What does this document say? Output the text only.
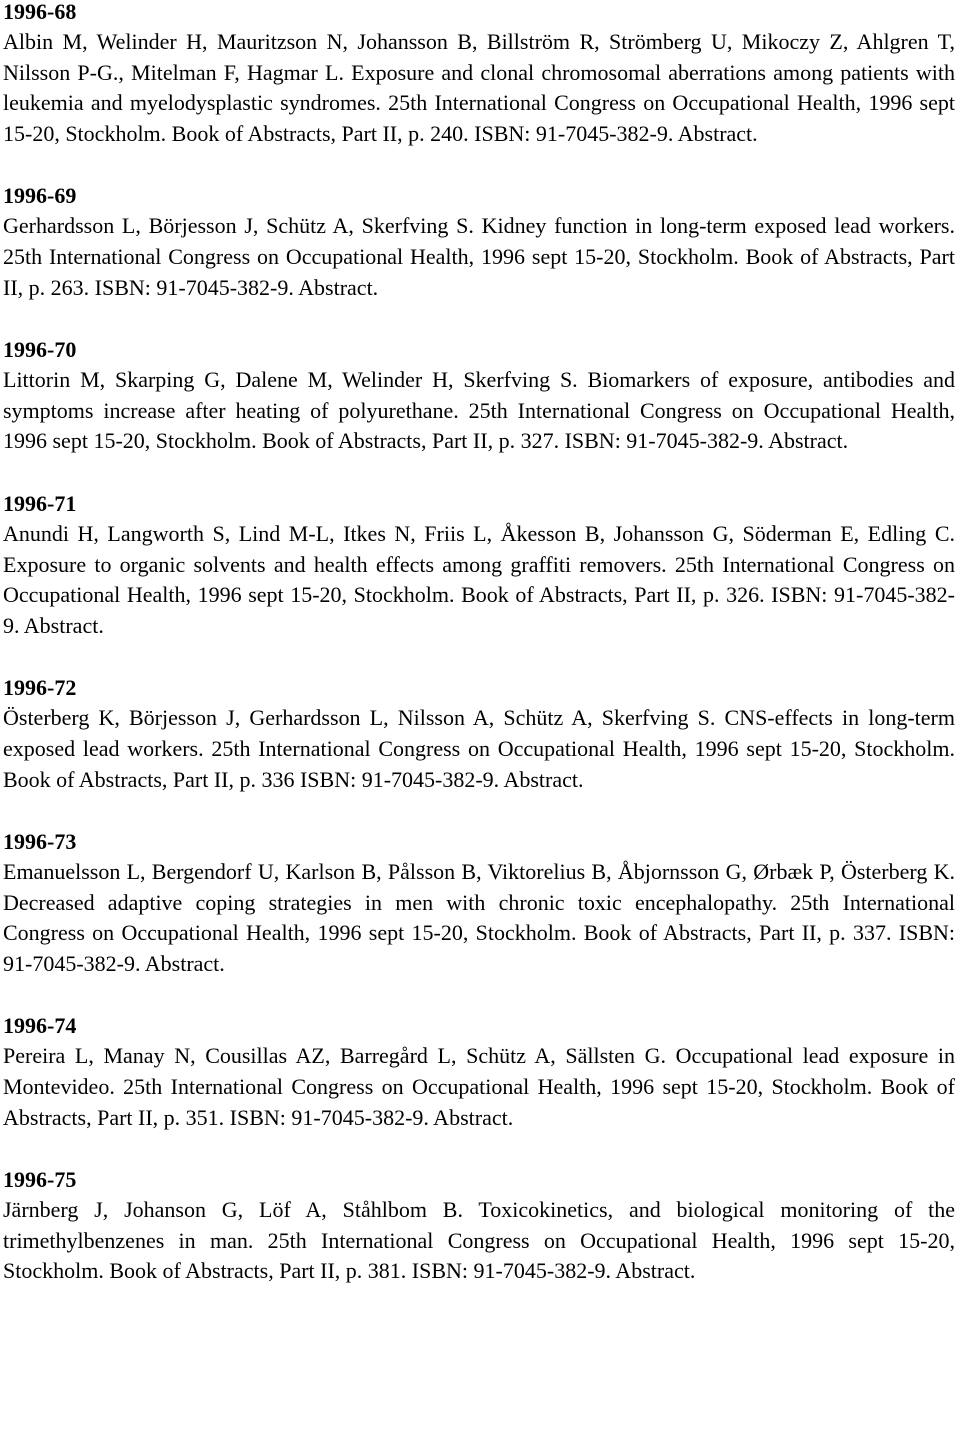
1996-68
Albin M, Welinder H, Mauritzson N, Johansson B, Billström R, Strömberg U, Mikoczy Z, Ahlgren T, Nilsson P-G., Mitelman F, Hagmar L. Exposure and clonal chromosomal aberrations among patients with leukemia and myelodysplastic syndromes. 25th International Congress on Occupational Health, 1996 sept 15-20, Stockholm. Book of Abstracts, Part II, p. 240. ISBN: 91-7045-382-9. Abstract.
1996-69
Gerhardsson L, Börjesson J, Schütz A, Skerfving S. Kidney function in long-term exposed lead workers. 25th International Congress on Occupational Health, 1996 sept 15-20, Stockholm. Book of Abstracts, Part II, p. 263. ISBN: 91-7045-382-9. Abstract.
1996-70
Littorin M, Skarping G, Dalene M, Welinder H, Skerfving S. Biomarkers of exposure, antibodies and symptoms increase after heating of polyurethane. 25th International Congress on Occupational Health, 1996 sept 15-20, Stockholm. Book of Abstracts, Part II, p. 327. ISBN: 91-7045-382-9. Abstract.
1996-71
Anundi H, Langworth S, Lind M-L, Itkes N, Friis L, Åkesson B, Johansson G, Söderman E, Edling C. Exposure to organic solvents and health effects among graffiti removers. 25th International Congress on Occupational Health, 1996 sept 15-20, Stockholm. Book of Abstracts, Part II, p. 326. ISBN: 91-7045-382-9. Abstract.
1996-72
Österberg K, Börjesson J, Gerhardsson L, Nilsson A, Schütz A, Skerfving S. CNS-effects in long-term exposed lead workers. 25th International Congress on Occupational Health, 1996 sept 15-20, Stockholm. Book of Abstracts, Part II, p. 336 ISBN: 91-7045-382-9. Abstract.
1996-73
Emanuelsson L, Bergendorf U, Karlson B, Pålsson B, Viktorelius B, Åbjornsson G, Ørbæk P, Österberg K. Decreased adaptive coping strategies in men with chronic toxic encephalopathy. 25th International Congress on Occupational Health, 1996 sept 15-20, Stockholm. Book of Abstracts, Part II, p. 337. ISBN: 91-7045-382-9. Abstract.
1996-74
Pereira L, Manay N, Cousillas AZ, Barregård L, Schütz A, Sällsten G. Occupational lead exposure in Montevideo. 25th International Congress on Occupational Health, 1996 sept 15-20, Stockholm. Book of Abstracts, Part II, p. 351. ISBN: 91-7045-382-9. Abstract.
1996-75
Järnberg J, Johanson G, Löf A, Ståhlbom B. Toxicokinetics, and biological monitoring of the trimethylbenzenes in man. 25th International Congress on Occupational Health, 1996 sept 15-20, Stockholm. Book of Abstracts, Part II, p. 381. ISBN: 91-7045-382-9. Abstract.
